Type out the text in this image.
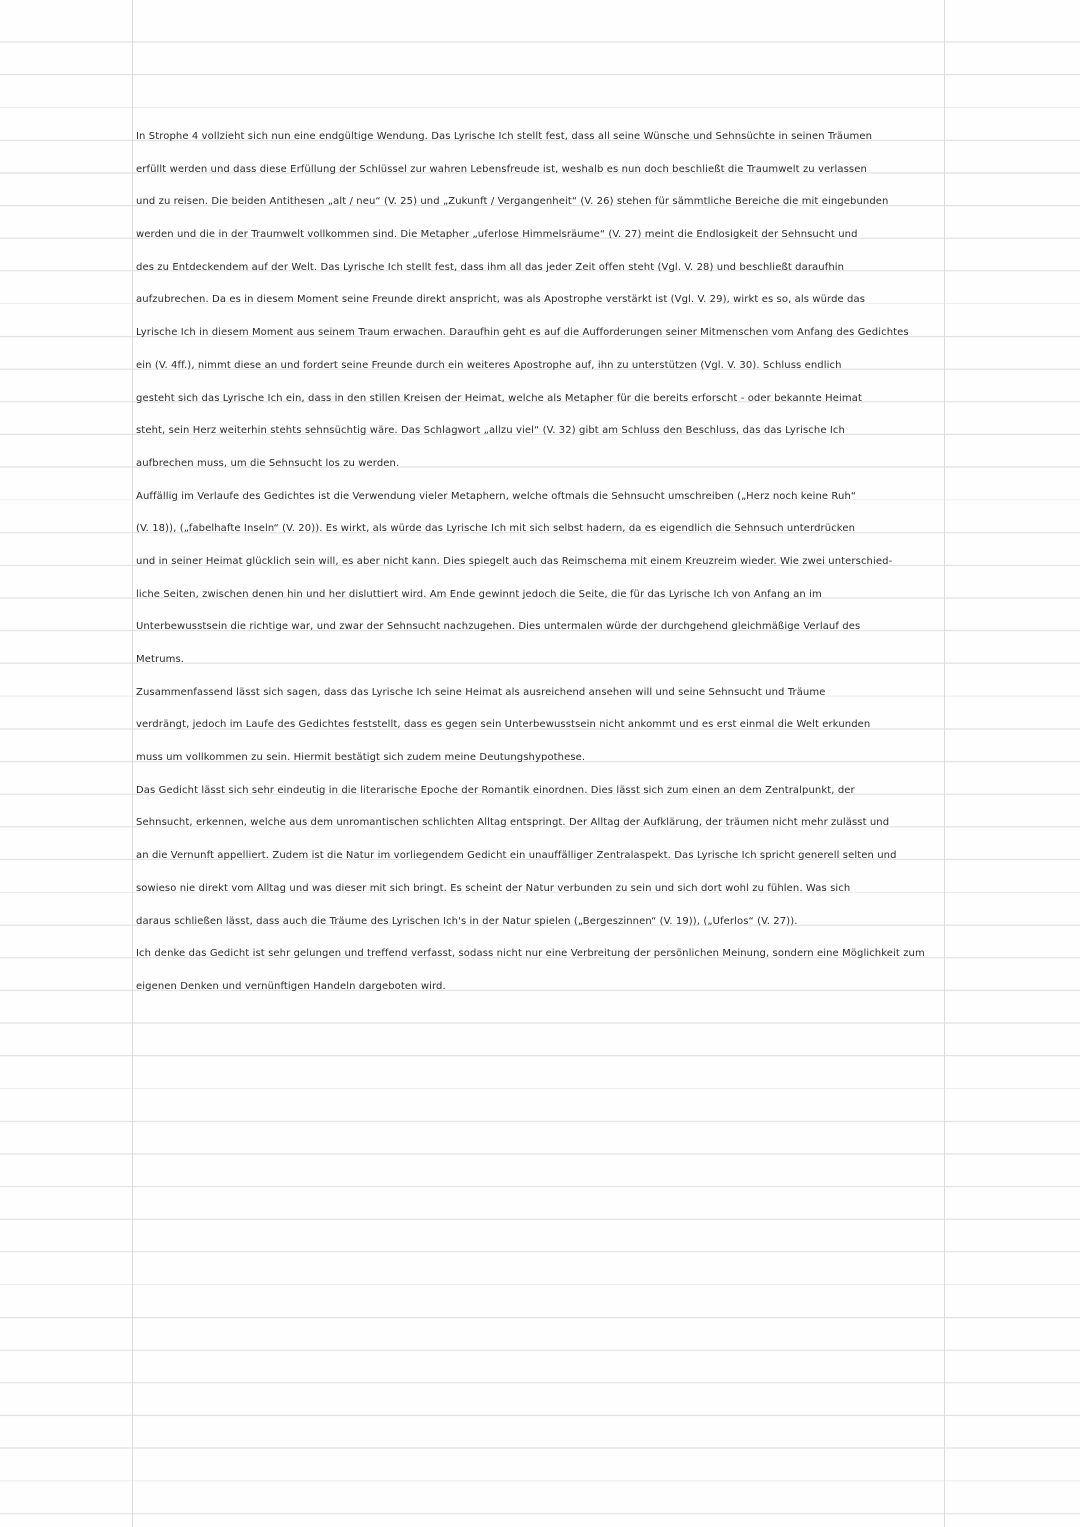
In Strophe 4 vollzieht sich nun eine endgültige Wendung. Das Lyrische Ich stellt fest, dass all seine Wünsche und Sehnsüchte in seinen Träumen
erfüllt werden und dass diese Erfüllung der Schlüssel zur wahren Lebensfreude ist, weshalb es nun doch beschließt die Traumwelt zu verlassen
und zu reisen. Die beiden Antithesen „alt / neu“ (V. 25) und „Zukunft / Vergangenheit“ (V. 26) stehen für sämmtliche Bereiche die mit eingebunden
werden und die in der Traumwelt vollkommen sind. Die Metapher „uferlose Himmelsräume“ (V. 27) meint die Endlosigkeit der Sehnsucht und
des zu Entdeckendem auf der Welt. Das Lyrische Ich stellt fest, dass ihm all das jeder Zeit offen steht (Vgl. V. 28) und beschließt daraufhin
aufzubrechen. Da es in diesem Moment seine Freunde direkt anspricht, was als Apostrophe verstärkt ist (Vgl. V. 29), wirkt es so, als würde das
Lyrische Ich in diesem Moment aus seinem Traum erwachen. Daraufhin geht es auf die Aufforderungen seiner Mitmenschen vom Anfang des Gedichtes
ein (V. 4ff.), nimmt diese an und fordert seine Freunde durch ein weiteres Apostrophe auf, ihn zu unterstützen (Vgl. V. 30). Schluss endlich
gesteht sich das Lyrische Ich ein, dass in den stillen Kreisen der Heimat, welche als Metapher für die bereits erforscht - oder bekannte Heimat
steht, sein Herz weiterhin stehts sehnsüchtig wäre. Das Schlagwort „allzu viel“ (V. 32) gibt am Schluss den Beschluss, das das Lyrische Ich
aufbrechen muss, um die Sehnsucht los zu werden.
Auffällig im Verlaufe des Gedichtes ist die Verwendung vieler Metaphern, welche oftmals die Sehnsucht umschreiben („Herz noch keine Ruh“
(V. 18)), („fabelhafte Inseln“ (V. 20)). Es wirkt, als würde das Lyrische Ich mit sich selbst hadern, da es eigendlich die Sehnsuch unterdrücken
und in seiner Heimat glücklich sein will, es aber nicht kann. Dies spiegelt auch das Reimschema mit einem Kreuzreim wieder. Wie zwei unterschied-
liche Seiten, zwischen denen hin und her disluttiert wird. Am Ende gewinnt jedoch die Seite, die für das Lyrische Ich von Anfang an im
Unterbewusstsein die richtige war, und zwar der Sehnsucht nachzugehen. Dies untermalen würde der durchgehend gleichmäßige Verlauf des
Metrums.
Zusammenfassend lässt sich sagen, dass das Lyrische Ich seine Heimat als ausreichend ansehen will und seine Sehnsucht und Träume
verdrängt, jedoch im Laufe des Gedichtes feststellt, dass es gegen sein Unterbewusstsein nicht ankommt und es erst einmal die Welt erkunden
muss um vollkommen zu sein. Hiermit bestätigt sich zudem meine Deutungshypothese.
Das Gedicht lässt sich sehr eindeutig in die literarische Epoche der Romantik einordnen. Dies lässt sich zum einen an dem Zentralpunkt, der
Sehnsucht, erkennen, welche aus dem unromantischen schlichten Alltag entspringt. Der Alltag der Aufklärung, der träumen nicht mehr zulässt und
an die Vernunft appelliert. Zudem ist die Natur im vorliegendem Gedicht ein unauffälliger Zentralaspekt. Das Lyrische Ich spricht generell selten und
sowieso nie direkt vom Alltag und was dieser mit sich bringt. Es scheint der Natur verbunden zu sein und sich dort wohl zu fühlen. Was sich
daraus schließen lässt, dass auch die Träume des Lyrischen Ich's in der Natur spielen („Bergeszinnen“ (V. 19)), („Uferlos“ (V. 27)).
Ich denke das Gedicht ist sehr gelungen und treffend verfasst, sodass nicht nur eine Verbreitung der persönlichen Meinung, sondern eine Möglichkeit zum
eigenen Denken und vernünftigen Handeln dargeboten wird.
